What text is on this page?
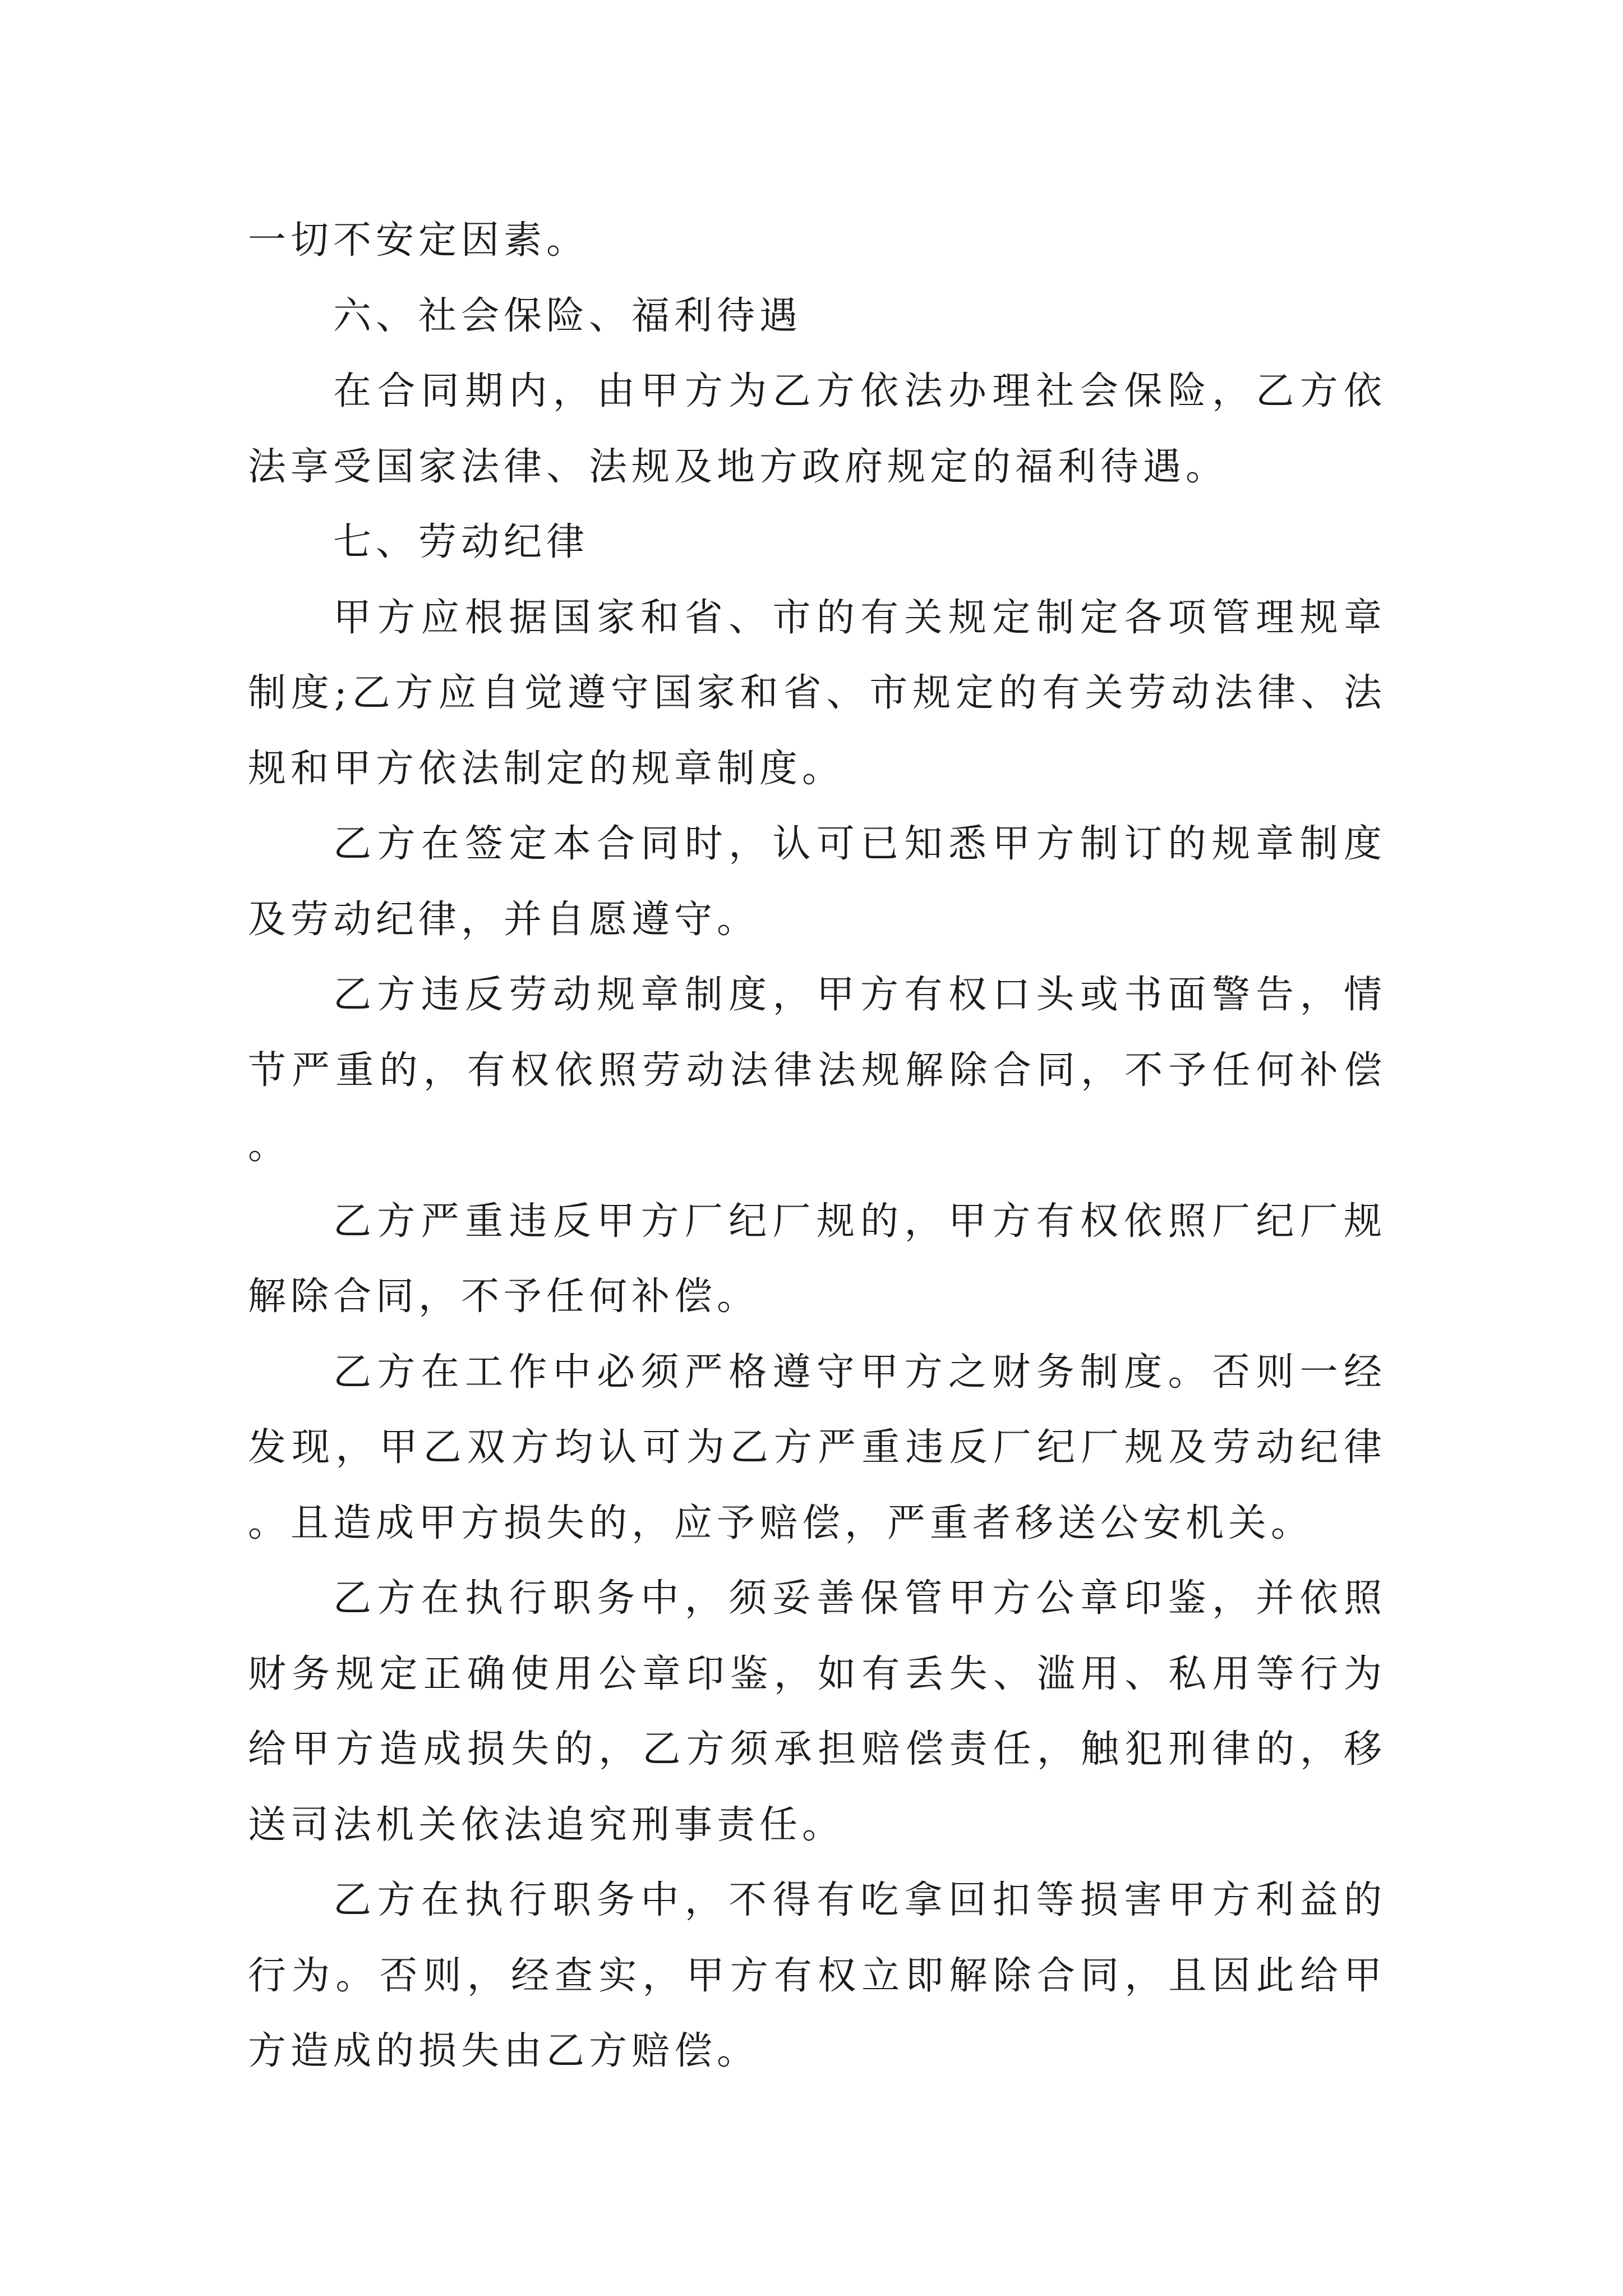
一切不安定因素。

六、社会保险、福利待遇

在合同期内，由甲方为乙方依法办理社会保险，乙方依法享受国家法律、法规及地方政府规定的福利待遇。

七、劳动纪律

甲方应根据国家和省、市的有关规定制定各项管理规章制度;乙方应自觉遵守国家和省、市规定的有关劳动法律、法规和甲方依法制定的规章制度。

乙方在签定本合同时，认可已知悉甲方制订的规章制度及劳动纪律，并自愿遵守。

乙方违反劳动规章制度，甲方有权口头或书面警告，情节严重的，有权依照劳动法律法规解除合同，不予任何补偿。

乙方严重违反甲方厂纪厂规的，甲方有权依照厂纪厂规解除合同，不予任何补偿。

乙方在工作中必须严格遵守甲方之财务制度。否则一经发现，甲乙双方均认可为乙方严重违反厂纪厂规及劳动纪律。且造成甲方损失的，应予赔偿，严重者移送公安机关。

乙方在执行职务中，须妥善保管甲方公章印鉴，并依照财务规定正确使用公章印鉴，如有丢失、滥用、私用等行为给甲方造成损失的，乙方须承担赔偿责任，触犯刑律的，移送司法机关依法追究刑事责任。

乙方在执行职务中，不得有吃拿回扣等损害甲方利益的行为。否则，经查实，甲方有权立即解除合同，且因此给甲方造成的损失由乙方赔偿。
